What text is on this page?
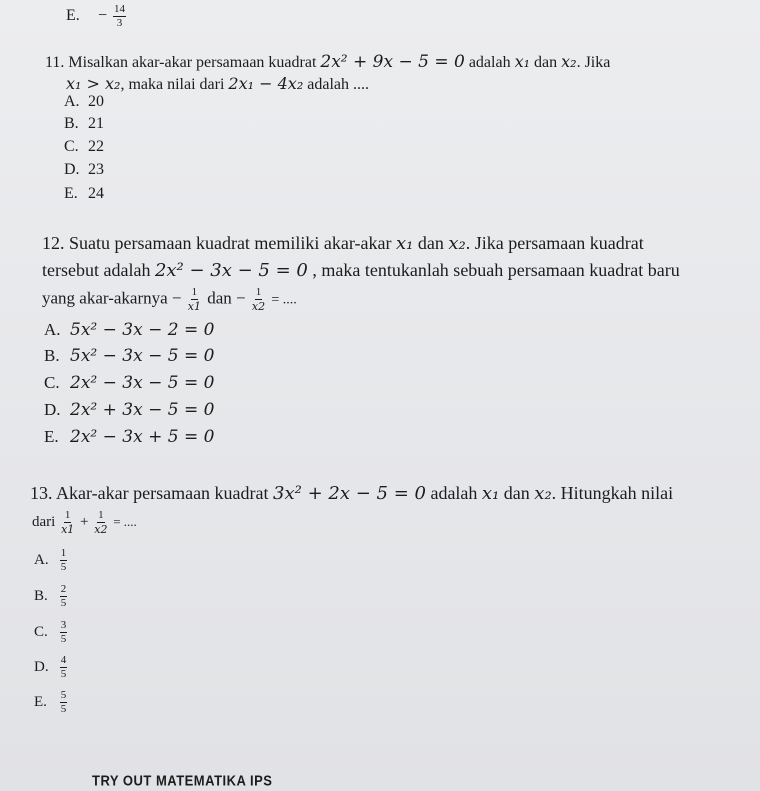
E. − $\frac{14}{3}$
11. Misalkan akar-akar persamaan kuadrat 2x² + 9x − 5 = 0 adalah x₁ dan x₂. Jika
x₁ > x₂, maka nilai dari 2x₁ − 4x₂ adalah ....
A. 20
B. 21
C. 22
D. 23
E. 24
12. Suatu persamaan kuadrat memiliki akar-akar x₁ dan x₂. Jika persamaan kuadrat
tersebut adalah 2x² − 3x − 5 = 0 , maka tentukanlah sebuah persamaan kuadrat baru
yang akar-akarnya − $\frac{1}{x1}$ dan − $\frac{1}{x2}$ = ....
A. 5x² − 3x − 2 = 0
B. 5x² − 3x − 5 = 0
C. 2x² − 3x − 5 = 0
D. 2x² + 3x − 5 = 0
E. 2x² − 3x + 5 = 0
13. Akar-akar persamaan kuadrat 3x² + 2x − 5 = 0 adalah x₁ dan x₂. Hitungkah nilai
dari $\frac{1}{x1} + \frac{1}{x2}$ = ....
A. $\frac{1}{5}$
B. $\frac{2}{5}$
C. $\frac{3}{5}$
D. $\frac{4}{5}$
E. $\frac{5}{5}$
TRY OUT MATEMATIKA IPS
